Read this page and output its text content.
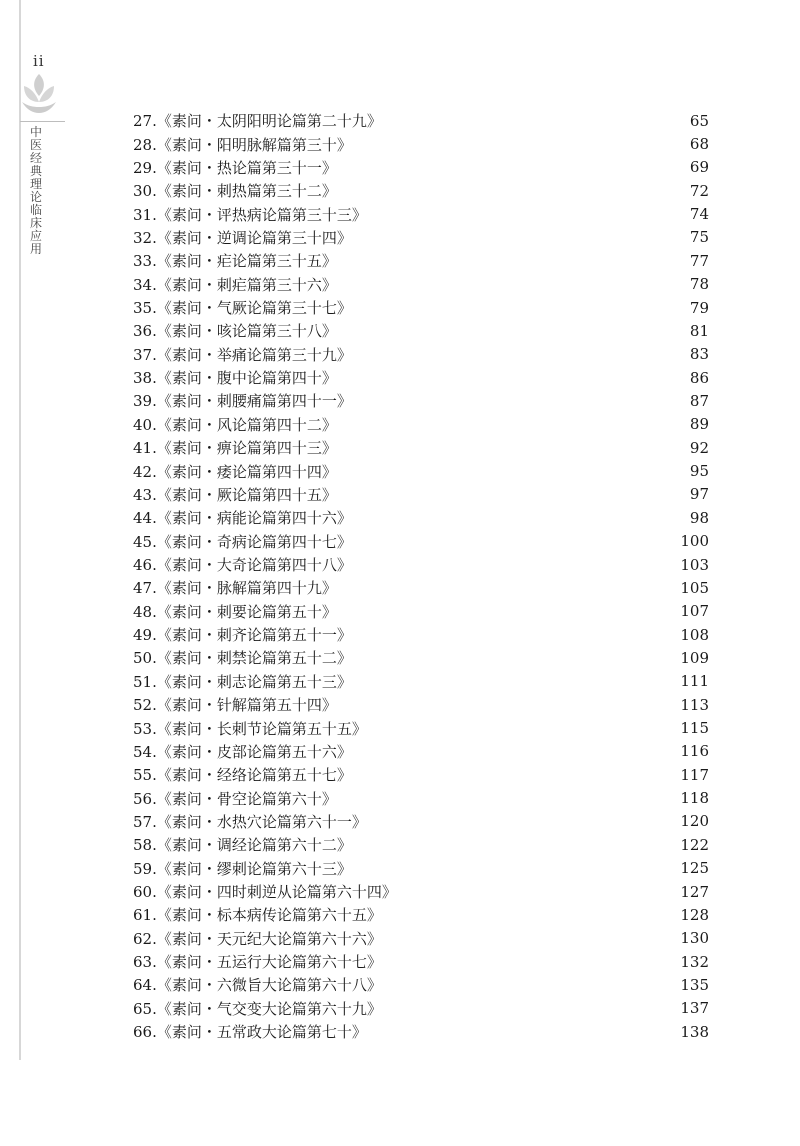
ii
中医经典理论临床应用
27.《素问・太阴阳明论篇第二十九》	65
28.《素问・阳明脉解篇第三十》	68
29.《素问・热论篇第三十一》	69
30.《素问・刺热篇第三十二》	72
31.《素问・评热病论篇第三十三》	74
32.《素问・逆调论篇第三十四》	75
33.《素问・疟论篇第三十五》	77
34.《素问・刺疟篇第三十六》	78
35.《素问・气厥论篇第三十七》	79
36.《素问・咳论篇第三十八》	81
37.《素问・举痛论篇第三十九》	83
38.《素问・腹中论篇第四十》	86
39.《素问・刺腰痛篇第四十一》	87
40.《素问・风论篇第四十二》	89
41.《素问・痹论篇第四十三》	92
42.《素问・痿论篇第四十四》	95
43.《素问・厥论篇第四十五》	97
44.《素问・病能论篇第四十六》	98
45.《素问・奇病论篇第四十七》	100
46.《素问・大奇论篇第四十八》	103
47.《素问・脉解篇第四十九》	105
48.《素问・刺要论篇第五十》	107
49.《素问・刺齐论篇第五十一》	108
50.《素问・刺禁论篇第五十二》	109
51.《素问・刺志论篇第五十三》	111
52.《素问・针解篇第五十四》	113
53.《素问・长刺节论篇第五十五》	115
54.《素问・皮部论篇第五十六》	116
55.《素问・经络论篇第五十七》	117
56.《素问・骨空论篇第六十》	118
57.《素问・水热穴论篇第六十一》	120
58.《素问・调经论篇第六十二》	122
59.《素问・缪刺论篇第六十三》	125
60.《素问・四时刺逆从论篇第六十四》	127
61.《素问・标本病传论篇第六十五》	128
62.《素问・天元纪大论篇第六十六》	130
63.《素问・五运行大论篇第六十七》	132
64.《素问・六微旨大论篇第六十八》	135
65.《素问・气交变大论篇第六十九》	137
66.《素问・五常政大论篇第七十》	138
